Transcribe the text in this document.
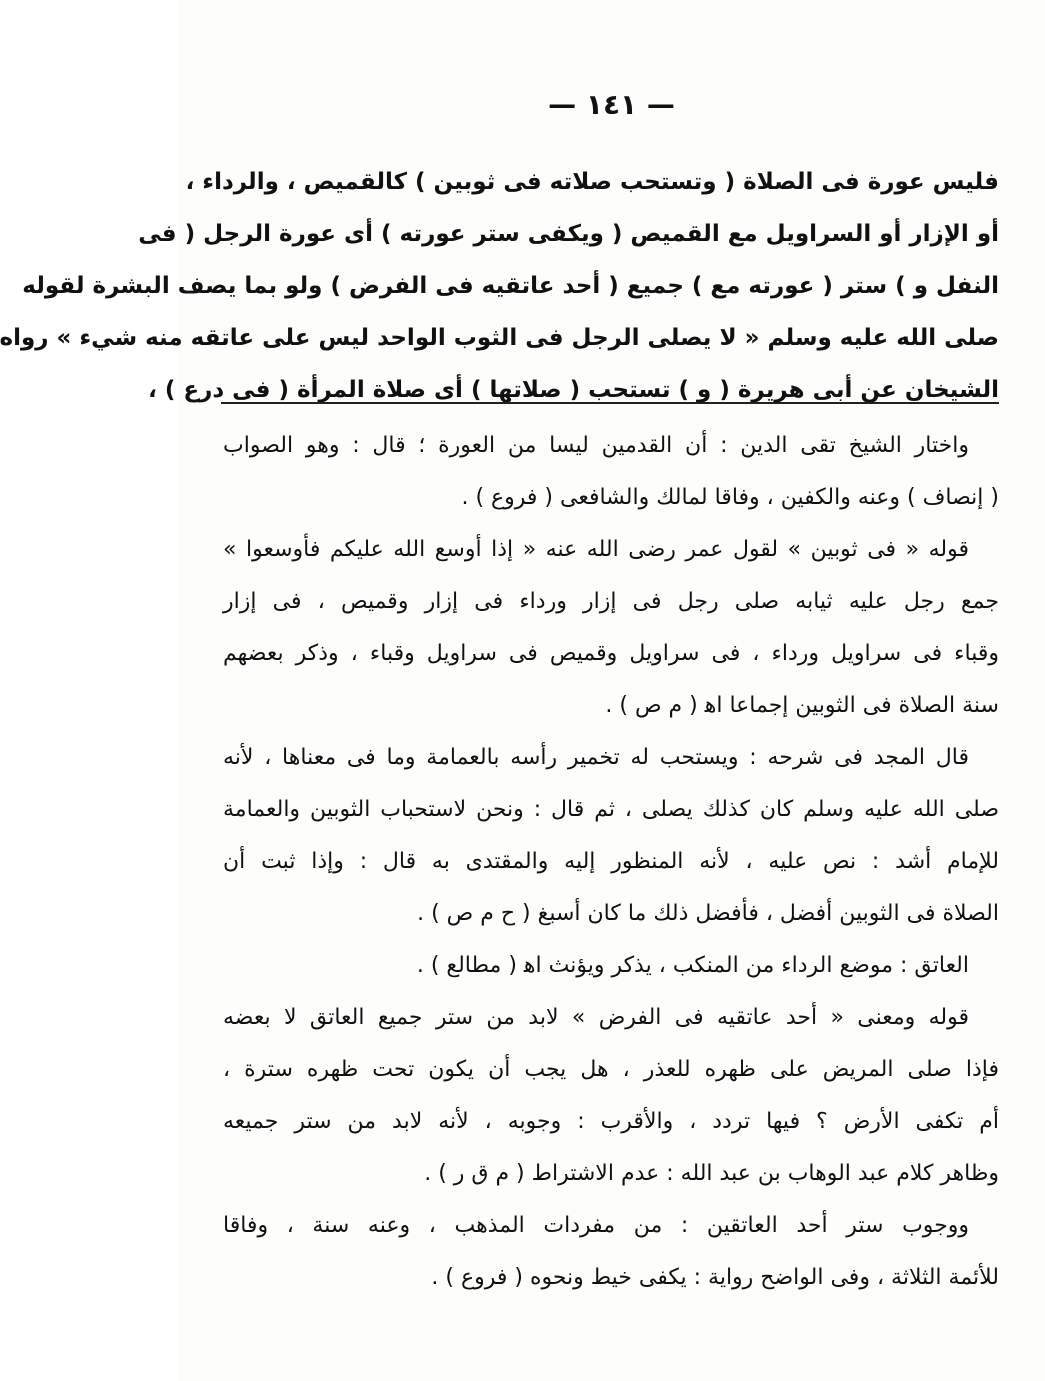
— ١٤١ —
فليس عورة فى الصلاة ( وتستحب صلاته فى ثوبين ) كالقميص ، والرداء ،
أو الإزار أو السراويل مع القميص ( ويكفى ستر عورته ) أى عورة الرجل ( فى
النفل و ) ستر ( عورته مع ) جميع ( أحد عاتقيه فى الفرض ) ولو بما يصف البشرة لقوله
صلى الله عليه وسلم « لا يصلى الرجل فى الثوب الواحد ليس على عاتقه منه شيء » رواه
الشيخان عن أبى هريرة ( و ) تستحب ( صلاتها ) أى صلاة المرأة ( فى درع ) ،
واختار الشيخ تقى الدين : أن القدمين ليسا من العورة ؛ قال : وهو الصواب
( إنصاف ) وعنه والكفين ، وفاقا لمالك والشافعى ( فروع ) .
قوله « فى ثوبين » لقول عمر رضى الله عنه « إذا أوسع الله عليكم فأوسعوا »
جمع رجل عليه ثيابه صلى رجل فى إزار ورداء فى إزار وقميص ، فى إزار
وقباء فى سراويل ورداء ، فى سراويل وقميص فى سراويل وقباء ، وذكر بعضهم
سنة الصلاة فى الثوبين إجماعا اه‍ ( م ص ) .
قال المجد فى شرحه : ويستحب له تخمير رأسه بالعمامة وما فى معناها ، لأنه
صلى الله عليه وسلم كان كذلك يصلى ، ثم قال : ونحن لاستحباب الثوبين والعمامة
للإمام أشد : نص عليه ، لأنه المنظور إليه والمقتدى به قال : وإذا ثبت أن
الصلاة فى الثوبين أفضل ، فأفضل ذلك ما كان أسبغ ( ح م ص ) .
العاتق : موضع الرداء من المنكب ، يذكر ويؤنث اه‍ ( مطالع ) .
قوله ومعنى « أحد عاتقيه فى الفرض » لابد من ستر جميع العاتق لا بعضه
فإذا صلى المريض على ظهره للعذر ، هل يجب أن يكون تحت ظهره سترة ،
أم تكفى الأرض ؟ فيها تردد ، والأقرب : وجوبه ، لأنه لابد من ستر جميعه
وظاهر كلام عبد الوهاب بن عبد الله : عدم الاشتراط ( م ق ر ) .
ووجوب ستر أحد العاتقين : من مفردات المذهب ، وعنه سنة ، وفاقا
للأئمة الثلاثة ، وفى الواضح رواية : يكفى خيط ونحوه ( فروع ) .
